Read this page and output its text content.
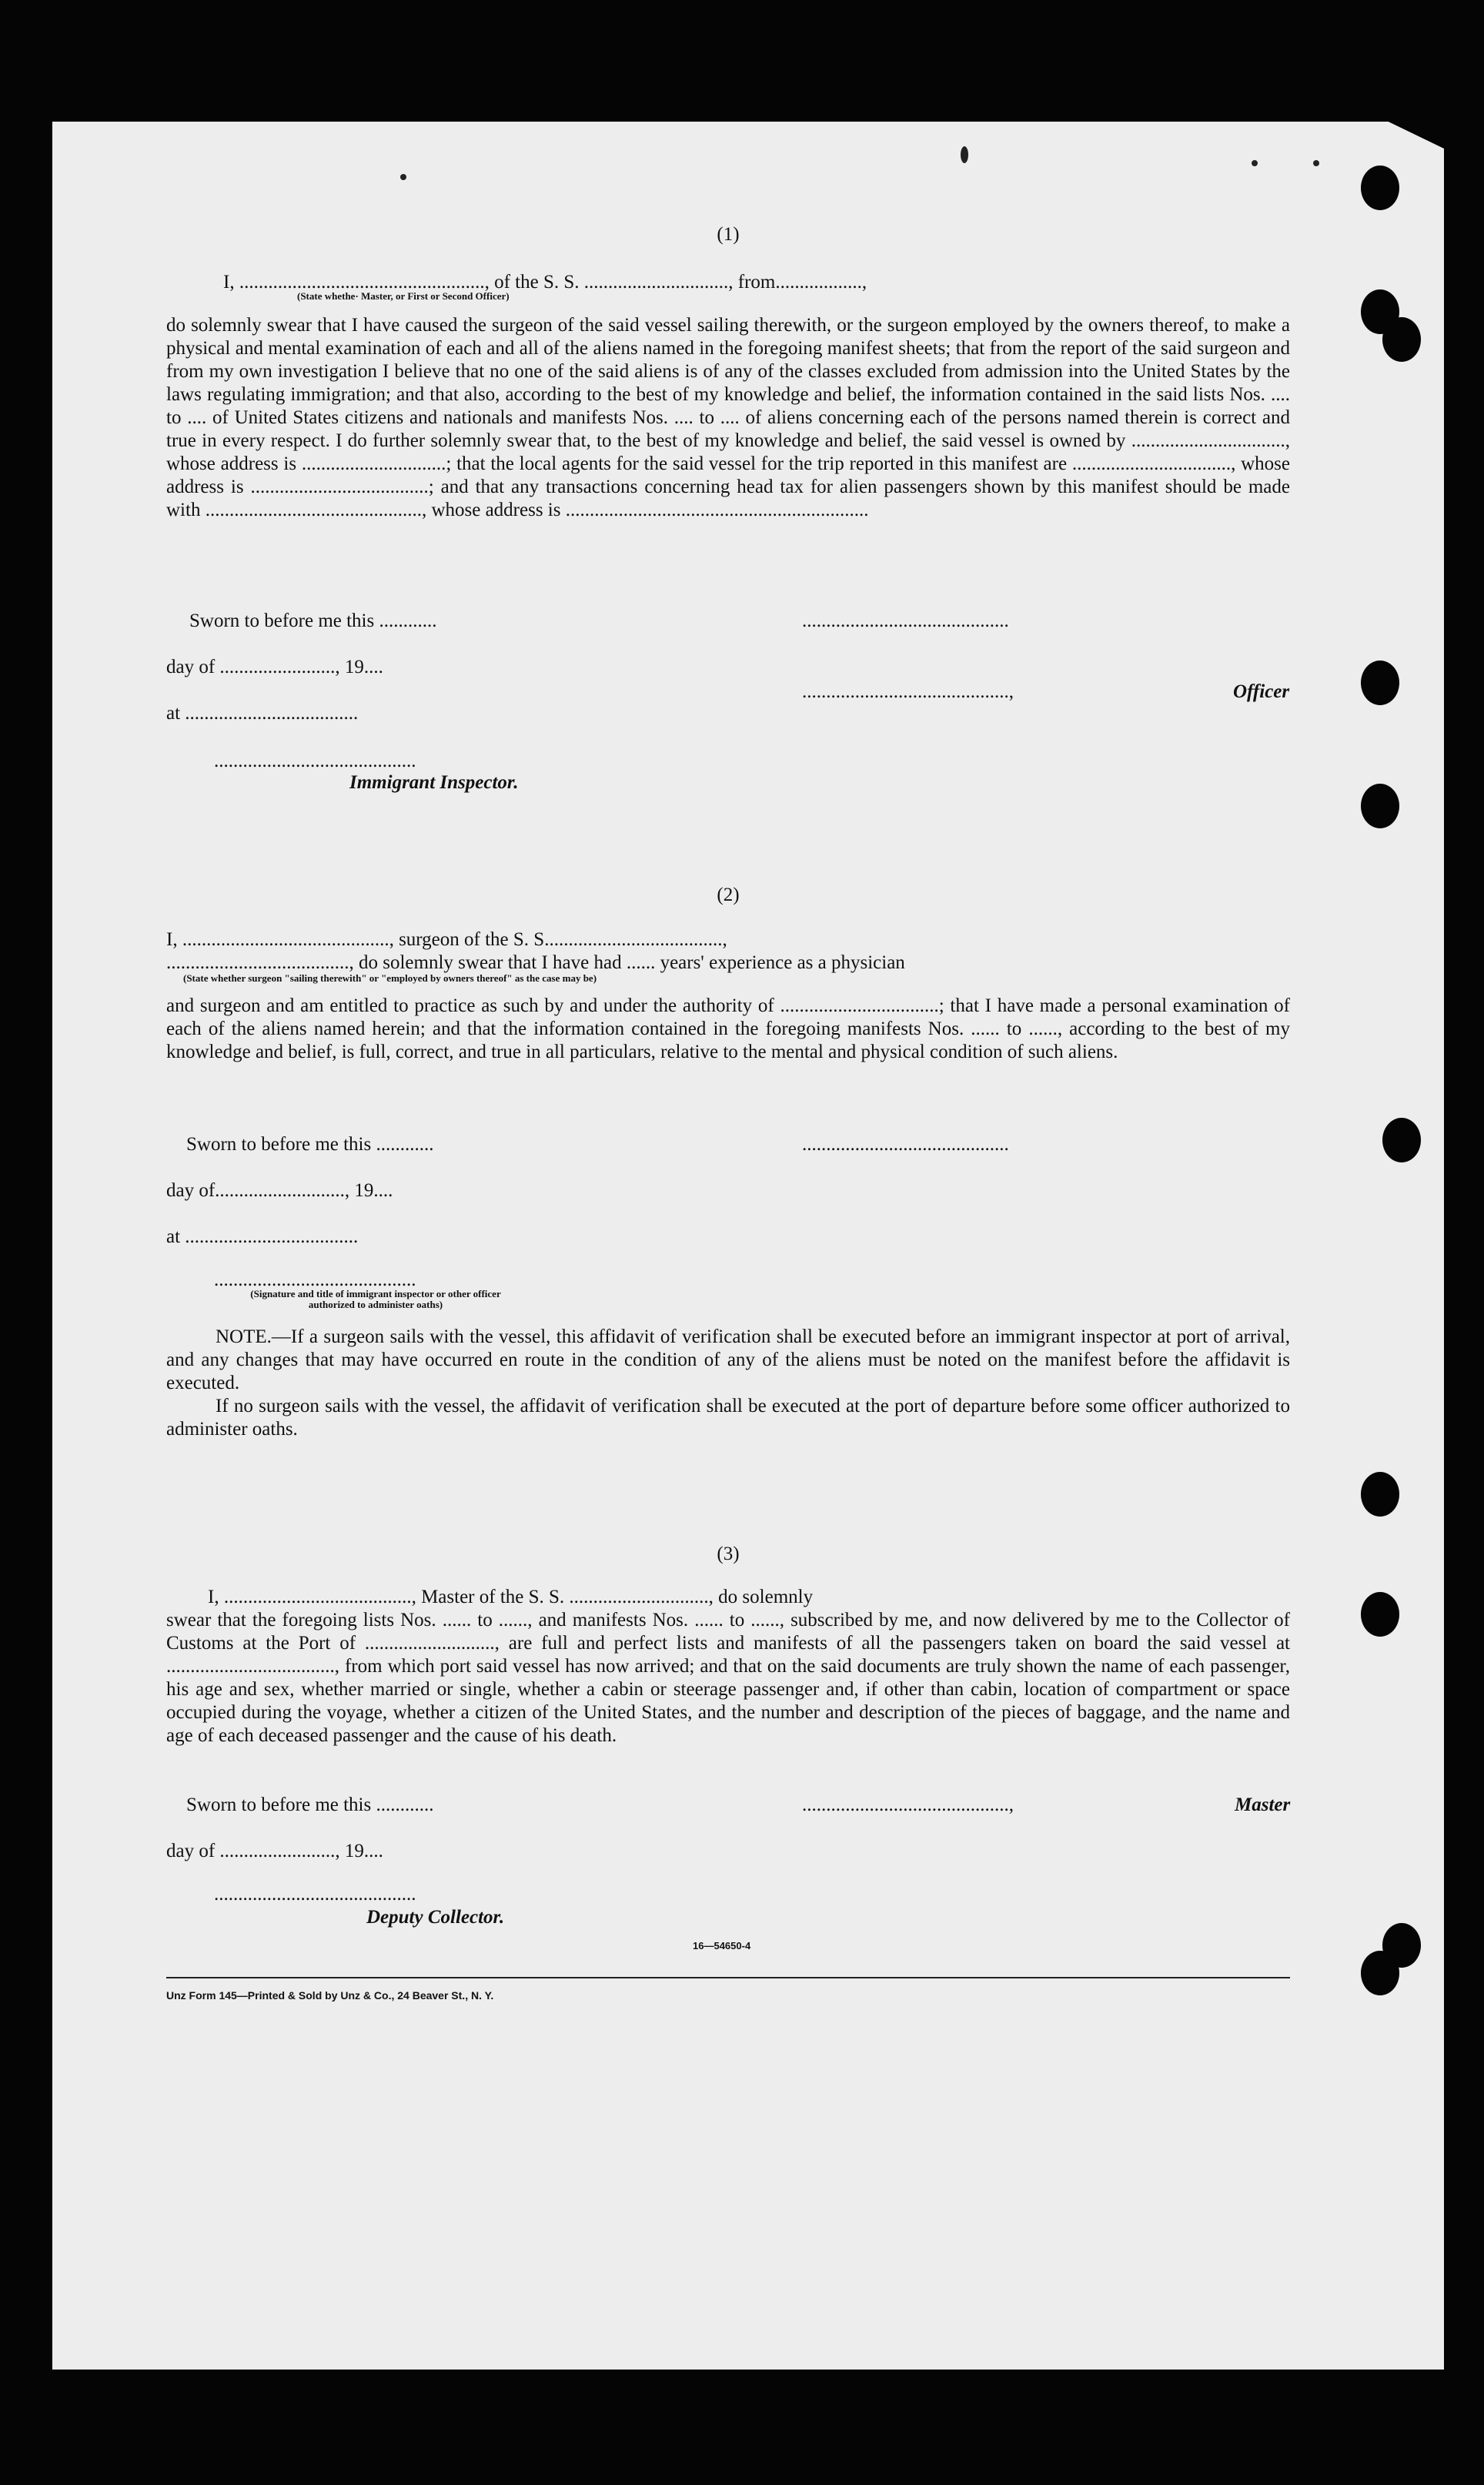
(1)
I, ..................................................., of the S. S. .............................., from..................,
(State whethe· Master, or First or Second Officer)

do solemnly swear that I have caused the surgeon of the said vessel sailing therewith, or the surgeon employed by the owners thereof, to make a physical and mental examination of each and all of the aliens named in the foregoing manifest sheets; that from the report of the said surgeon and from my own investigation I believe that no one of the said aliens is of any of the classes excluded from admission into the United States by the laws regulating immigration; and that also, according to the best of my knowledge and belief, the information contained in the said lists Nos. .... to .... of United States citizens and nationals and manifests Nos. .... to .... of aliens concerning each of the persons named therein is correct and true in every respect. I do further solemnly swear that, to the best of my knowledge and belief, the said vessel is owned by ................................, whose address is ..............................; that the local agents for the said vessel for the trip reported in this manifest are ................................., whose address is .....................................; and that any transactions concerning head tax for alien passengers shown by this manifest should be made with ............................................., whose address is ...............................................................

Sworn to before me this ............
day of ........................, 19....
at ....................................
..........................................
Immigrant Inspector.
...........................................
...........................................,	Officer
(2)
I, ..........................................., surgeon of the S. S.....................................,
......................................, do solemnly swear that I have had ...... years' experience as a physician
(State whether surgeon "sailing therewith" or "employed by owners thereof" as the case may be)

and surgeon and am entitled to practice as such by and under the authority of .................................; that I have made a personal examination of each of the aliens named herein; and that the information contained in the foregoing manifests Nos. ...... to ......, according to the best of my knowledge and belief, is full, correct, and true in all particulars, relative to the mental and physical condition of such aliens.

Sworn to before me this ............
day of..........................., 19....
at ....................................
..........................................
(Signature and title of immigrant inspector or other officer authorized to administer oaths)
...........................................

NOTE.—If a surgeon sails with the vessel, this affidavit of verification shall be executed before an immigrant inspector at port of arrival, and any changes that may have occurred en route in the condition of any of the aliens must be noted on the manifest before the affidavit is executed.

If no surgeon sails with the vessel, the affidavit of verification shall be executed at the port of departure before some officer authorized to administer oaths.

(3)
I, ......................................., Master of the S. S. ............................., do solemnly

swear that the foregoing lists Nos. ...... to ......, and manifests Nos. ...... to ......, subscribed by me, and now delivered by me to the Collector of Customs at the Port of ..........................., are full and perfect lists and manifests of all the passengers taken on board the said vessel at ..................................., from which port said vessel has now arrived; and that on the said documents are truly shown the name of each passenger, his age and sex, whether married or single, whether a cabin or steerage passenger and, if other than cabin, location of compartment or space occupied during the voyage, whether a citizen of the United States, and the number and description of the pieces of baggage, and the name and age of each deceased passenger and the cause of his death.

Sworn to before me this ............
day of ........................, 19....
..........................................
Deputy Collector.
...........................................,	Master
16—54650-4
Unz Form 145—Printed & Sold by Unz & Co., 24 Beaver St., N. Y.
